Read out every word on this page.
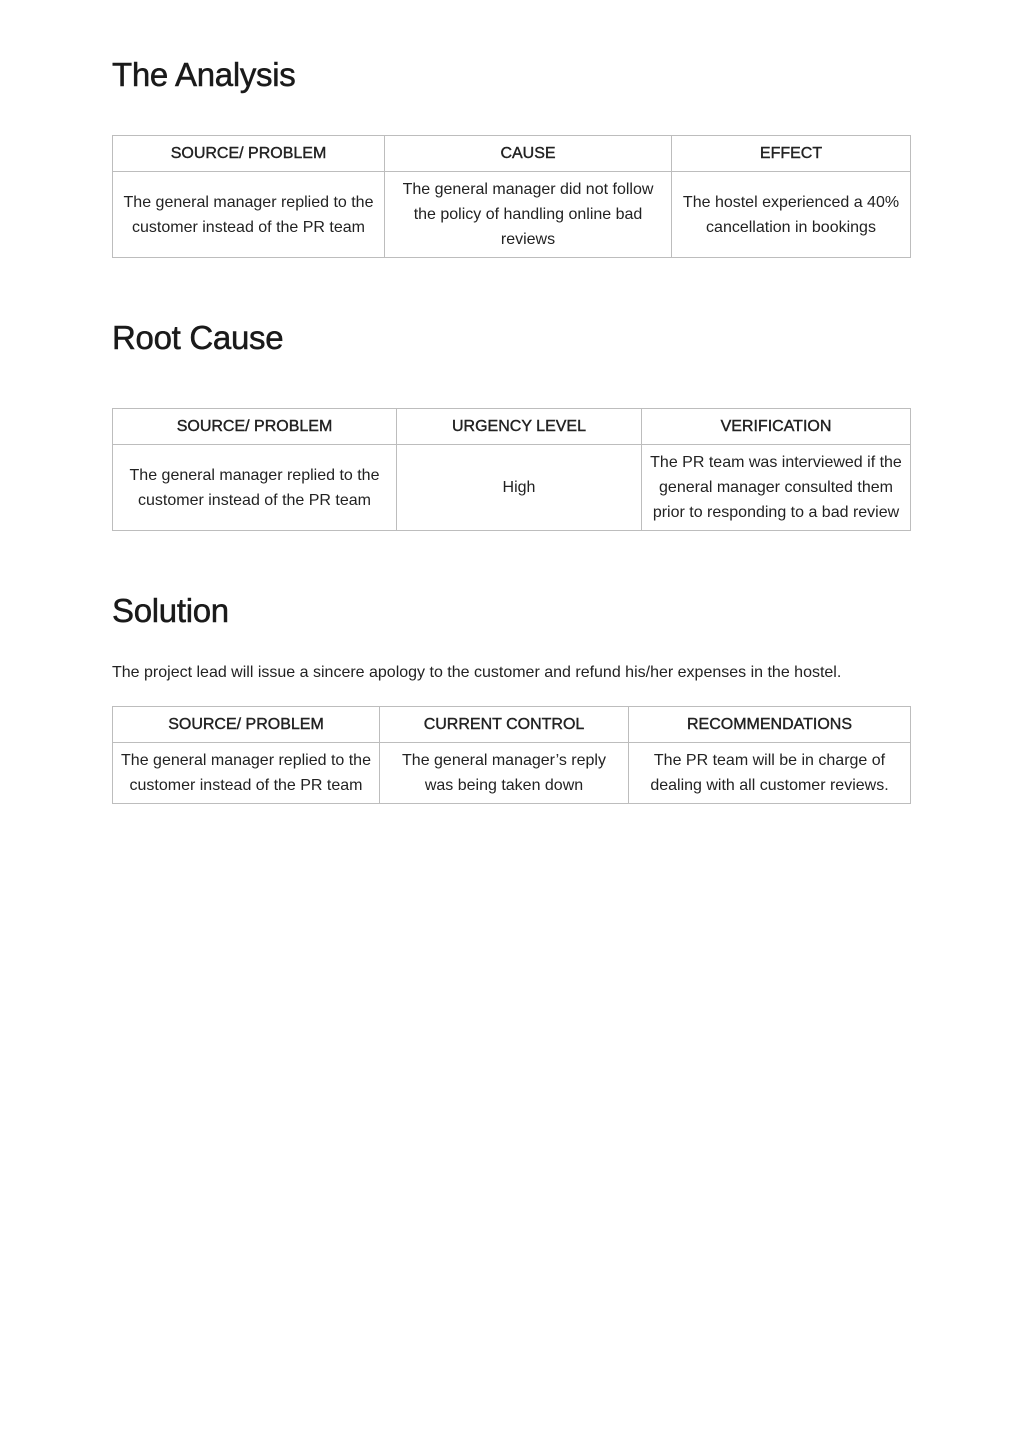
The Analysis
SOURCE/ PROBLEM	CAUSE	EFFECT
The general manager replied to the customer instead of the PR team	The general manager did not follow the policy of handling online bad reviews	The hostel experienced a 40% cancellation in bookings
Root Cause
SOURCE/ PROBLEM	URGENCY LEVEL	VERIFICATION
The general manager replied to the customer instead of the PR team	High	The PR team was interviewed if the general manager consulted them prior to responding to a bad review
Solution

The project lead will issue a sincere apology to the customer and refund his/her expenses in the hostel.

SOURCE/ PROBLEM	CURRENT CONTROL	RECOMMENDATIONS
The general manager replied to the customer instead of the PR team	The general manager’s reply was being taken down	The PR team will be in charge of dealing with all customer reviews.
